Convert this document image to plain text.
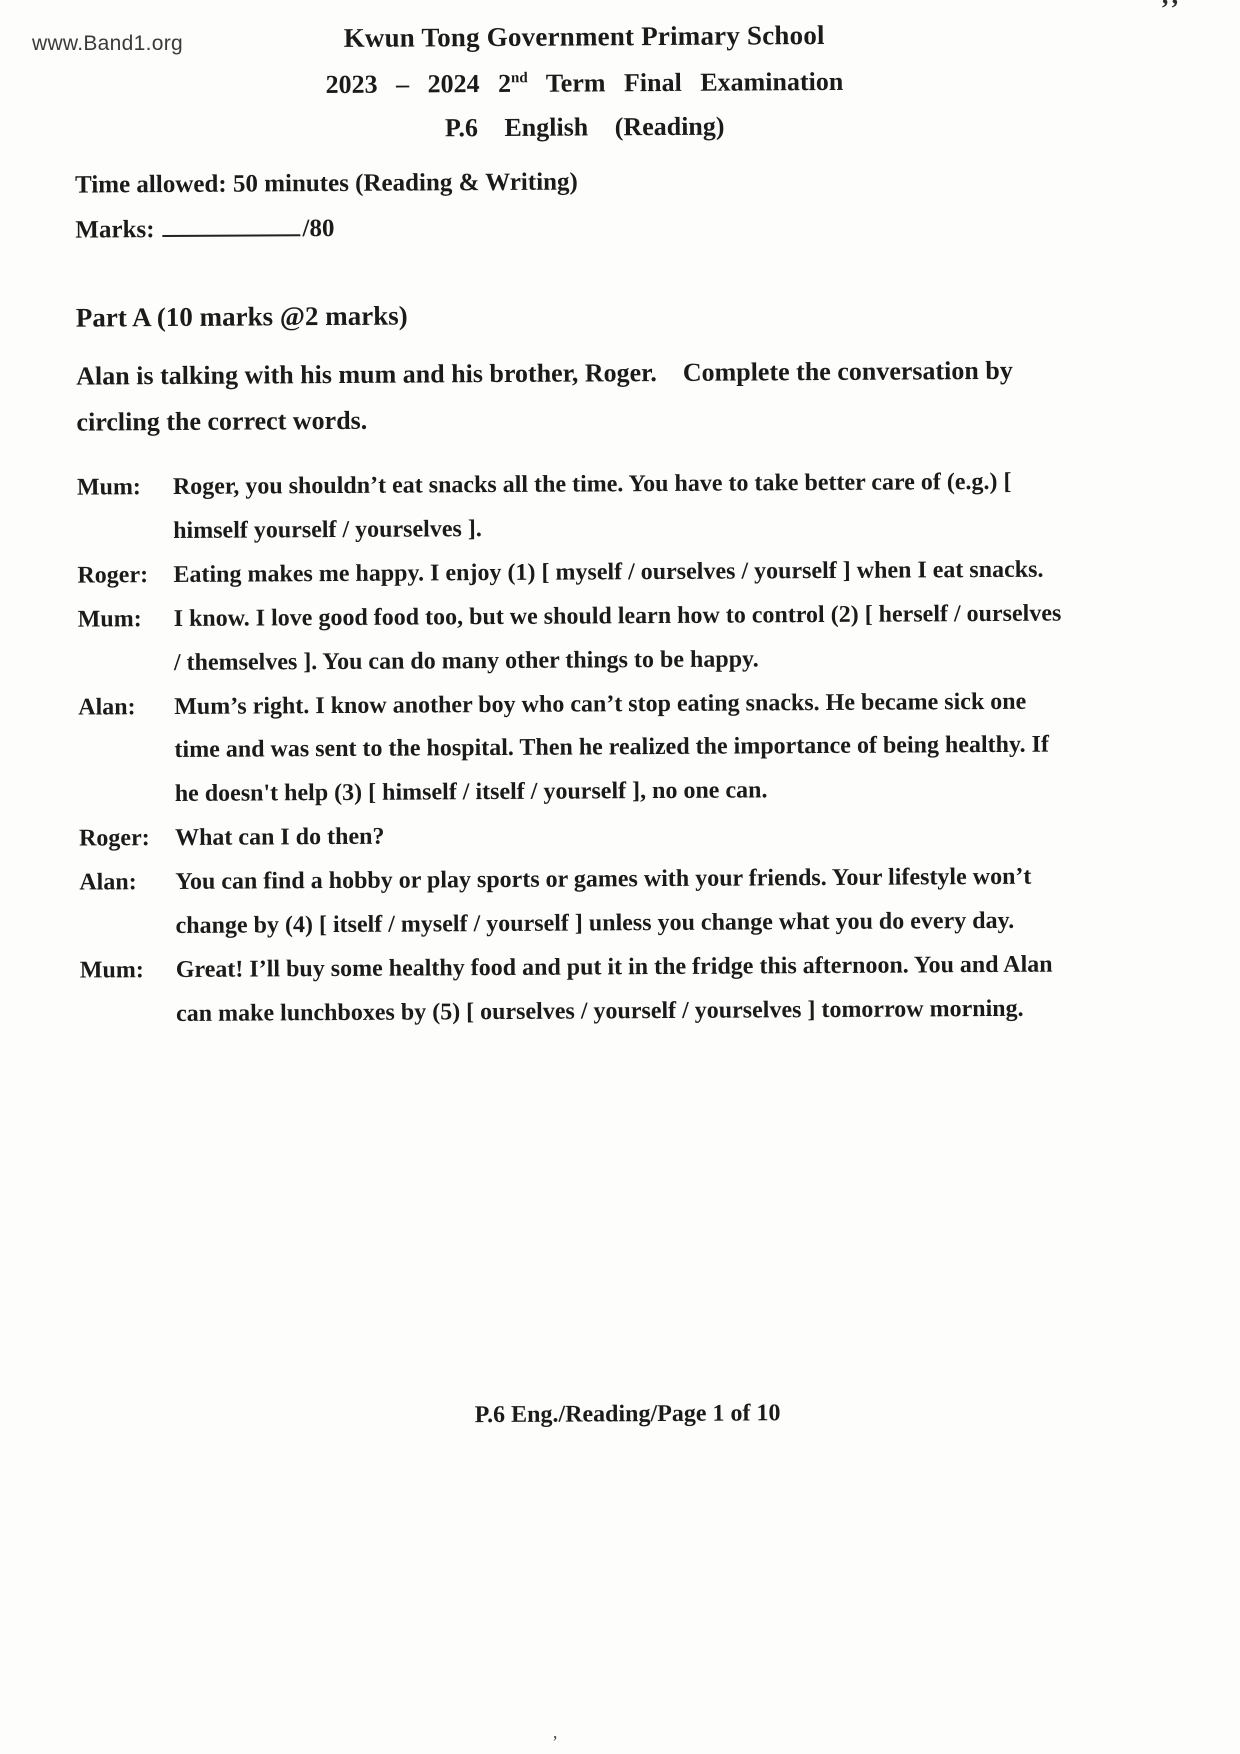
www.Band1.org
’’
Kwun Tong Government Primary School
2023 – 2024 2nd Term Final Examination
P.6 English (Reading)
Time allowed: 50 minutes (Reading & Writing)
Marks:	/80
Part A (10 marks @2 marks)
Alan is talking with his mum and his brother, Roger.    Complete the conversation by circling the correct words.
Mum:	Roger, you shouldn’t eat snacks all the time. You have to take better care of (e.g.) [ himself yourself / yourselves ].
Roger:	Eating makes me happy. I enjoy (1) [ myself / ourselves / yourself ] when I eat snacks.
Mum:	I know. I love good food too, but we should learn how to control (2) [ herself / ourselves / themselves ]. You can do many other things to be happy.
Alan:	Mum’s right. I know another boy who can’t stop eating snacks. He became sick one time and was sent to the hospital. Then he realized the importance of being healthy. If he doesn't help (3) [ himself / itself / yourself ], no one can.
Roger:	What can I do then?
Alan:	You can find a hobby or play sports or games with your friends. Your lifestyle won’t change by (4) [ itself / myself / yourself ] unless you change what you do every day.
Mum:	Great! I’ll buy some healthy food and put it in the fridge this afternoon. You and Alan can make lunchboxes by (5) [ ourselves / yourself / yourselves ] tomorrow morning.
P.6 Eng./Reading/Page 1 of 10
’
